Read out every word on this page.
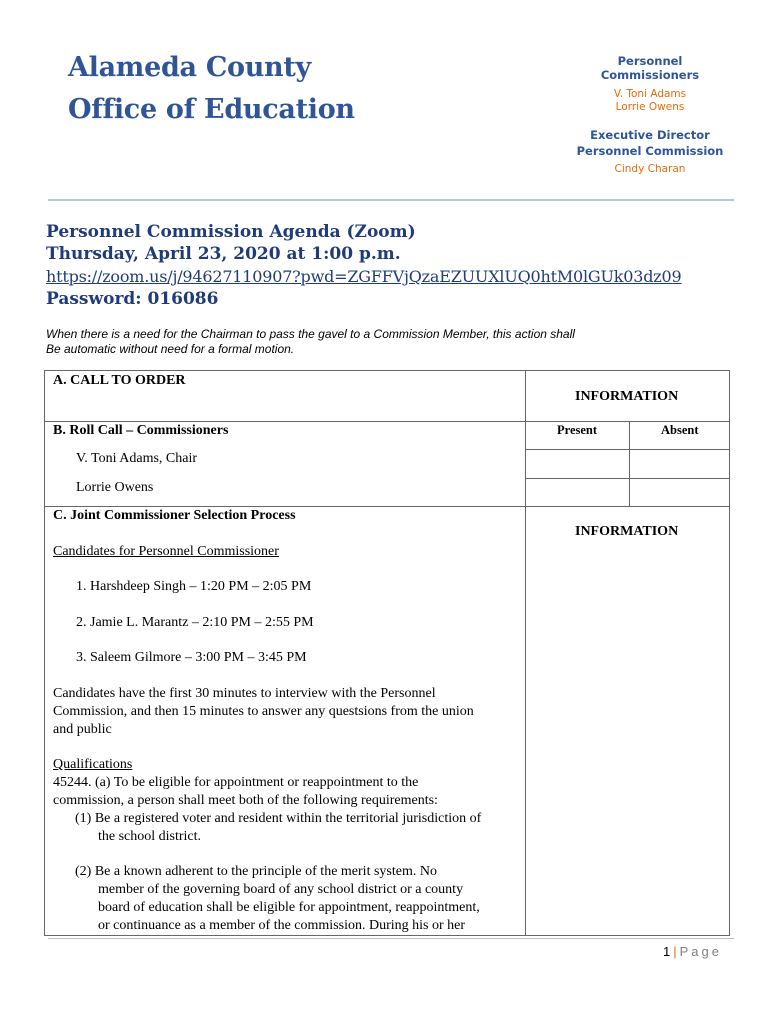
Alameda County
Office of Education
Personnel
Commissioners
V. Toni Adams
Lorrie Owens
Executive Director
Personnel Commission
Cindy Charan
Personnel Commission Agenda (Zoom)
Thursday, April 23, 2020 at 1:00 p.m.
https://zoom.us/j/94627110907?pwd=ZGFFVjQzaEZUUXlUQ0htM0lGUk03dz09
Password: 016086
When there is a need for the Chairman to pass the gavel to a Commission Member, this action shall
Be automatic without need for a formal motion.
A. CALL TO ORDER
INFORMATION
B. Roll Call – Commissioners	Present	Absent
V. Toni Adams, Chair
Lorrie Owens
C. Joint Commissioner Selection Process
INFORMATION
Candidates for Personnel Commissioner
1. Harshdeep Singh – 1:20 PM – 2:05 PM
2. Jamie L. Marantz – 2:10 PM – 2:55 PM
3. Saleem Gilmore – 3:00 PM – 3:45 PM
Candidates have the first 30 minutes to interview with the Personnel
Commission, and then 15 minutes to answer any questsions from the union
and public
Qualifications
45244. (a) To be eligible for appointment or reappointment to the
commission, a person shall meet both of the following requirements:
(1) Be a registered voter and resident within the territorial jurisdiction of
the school district.
(2) Be a known adherent to the principle of the merit system. No
member of the governing board of any school district or a county
board of education shall be eligible for appointment, reappointment,
or continuance as a member of the commission. During his or her
1 | Page
